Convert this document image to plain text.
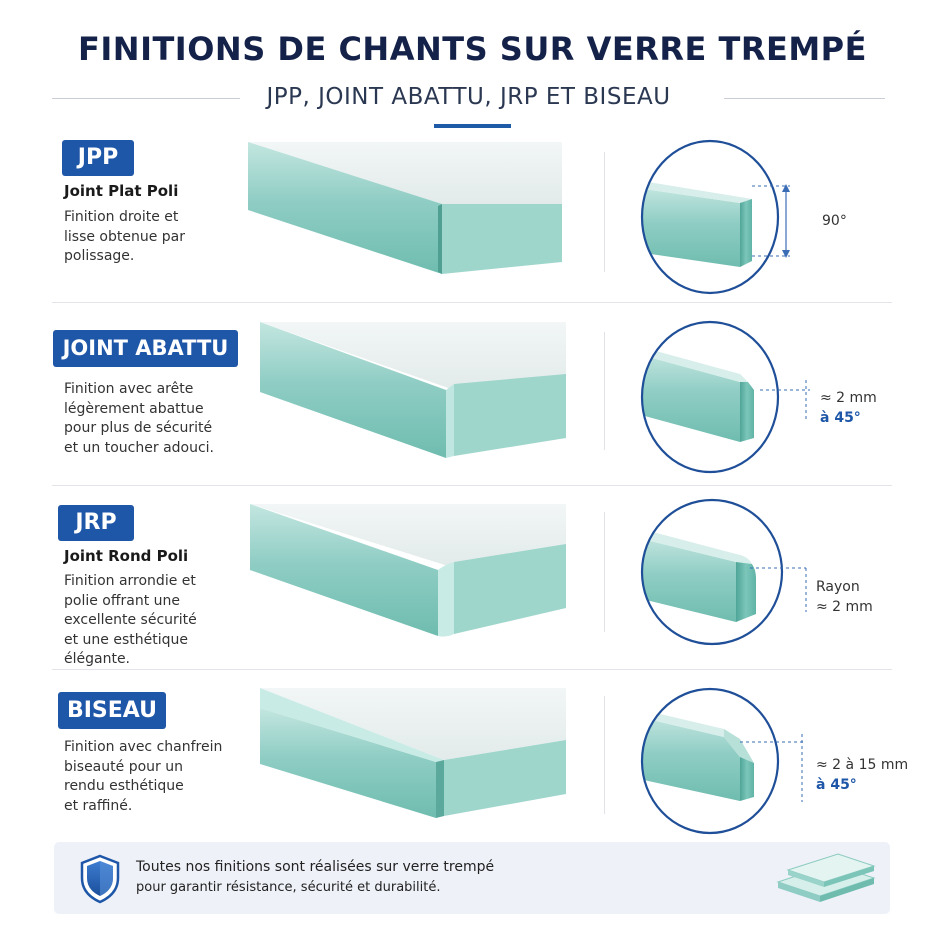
FINITIONS DE CHANTS SUR VERRE TREMPÉ
JPP, JOINT ABATTU, JRP ET BISEAU
JPP
Joint Plat Poli
Finition droite et
lisse obtenue par
polissage.
90°
JOINT ABATTU
Finition avec arête
légèrement abattue
pour plus de sécurité
et un toucher adouci.
≈ 2 mm
à 45°
JRP
Joint Rond Poli
Finition arrondie et
polie offrant une
excellente sécurité
et une esthétique
élégante.
Rayon
≈ 2 mm
BISEAU
Finition avec chanfrein
biseauté pour un
rendu esthétique
et raffiné.
≈ 2 à 15 mm
à 45°
Toutes nos finitions sont réalisées sur verre trempé
pour garantir résistance, sécurité et durabilité.
